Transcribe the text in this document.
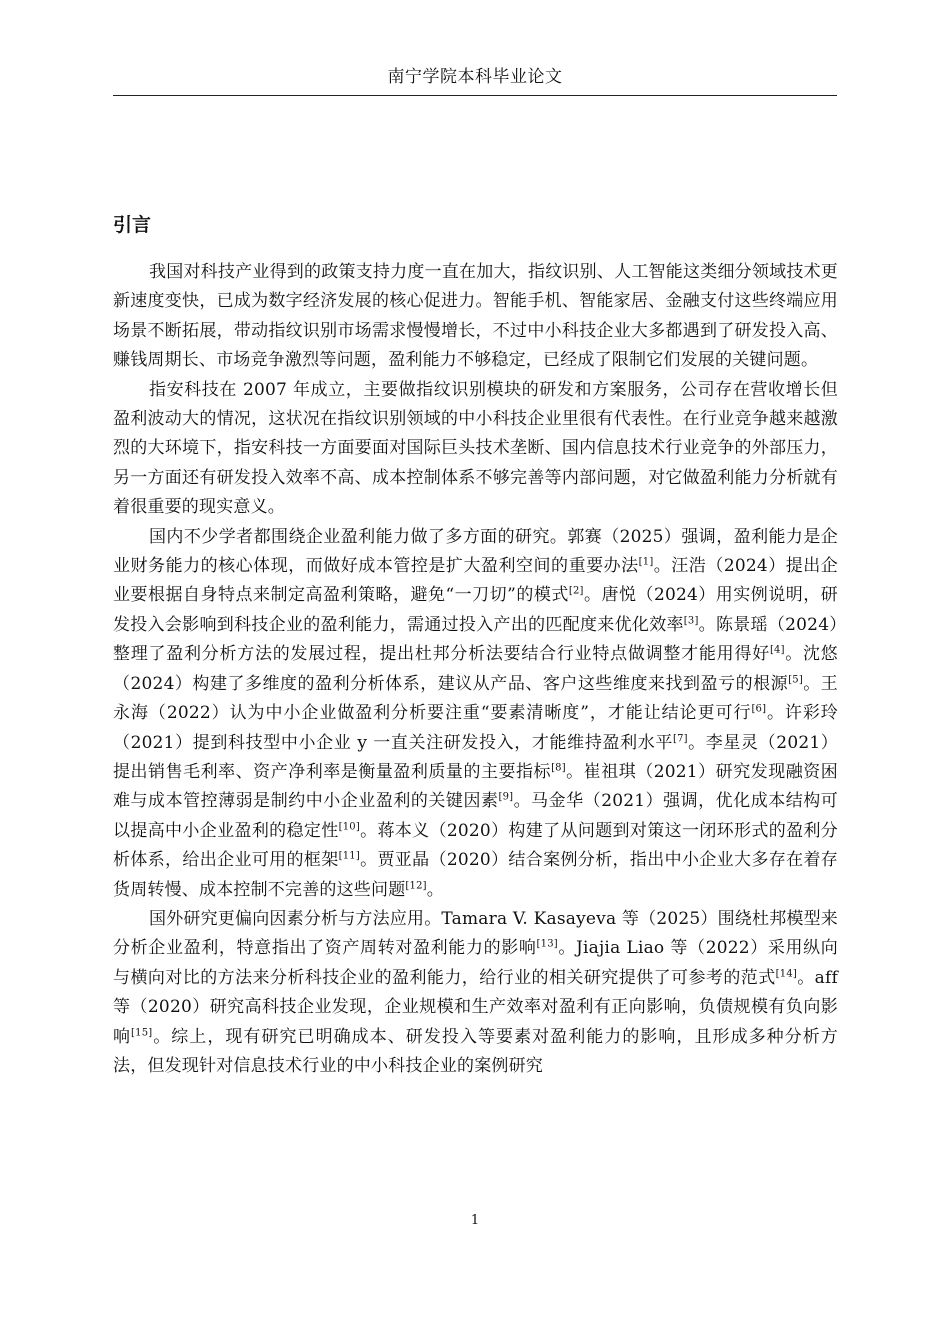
南宁学院本科毕业论文
引言

我国对科技产业得到的政策支持力度一直在加大，指纹识别、人工智能这类细分领域技术更新速度变快，已成为数字经济发展的核心促进力。智能手机、智能家居、金融支付这些终端应用场景不断拓展，带动指纹识别市场需求慢慢增长，不过中小科技企业大多都遇到了研发投入高、赚钱周期长、市场竞争激烈等问题，盈利能力不够稳定，已经成了限制它们发展的关键问题。

指安科技在 2007 年成立，主要做指纹识别模块的研发和方案服务，公司存在营收增长但盈利波动大的情况，这状况在指纹识别领域的中小科技企业里很有代表性。在行业竞争越来越激烈的大环境下，指安科技一方面要面对国际巨头技术垄断、国内信息技术行业竞争的外部压力，另一方面还有研发投入效率不高、成本控制体系不够完善等内部问题，对它做盈利能力分析就有着很重要的现实意义。

国内不少学者都围绕企业盈利能力做了多方面的研究。郭赛（2025）强调，盈利能力是企业财务能力的核心体现，而做好成本管控是扩大盈利空间的重要办法[1]。汪浩（2024）提出企业要根据自身特点来制定高盈利策略，避免“一刀切”的模式[2]。唐悦（2024）用实例说明，研发投入会影响到科技企业的盈利能力，需通过投入产出的匹配度来优化效率[3]。陈景瑶（2024）整理了盈利分析方法的发展过程，提出杜邦分析法要结合行业特点做调整才能用得好[4]。沈悠（2024）构建了多维度的盈利分析体系，建议从产品、客户这些维度来找到盈亏的根源[5]。王永海（2022）认为中小企业做盈利分析要注重“要素清晰度”，才能让结论更可行[6]。许彩玲（2021）提到科技型中小企业 y 一直关注研发投入，才能维持盈利水平[7]。李星灵（2021）提出销售毛利率、资产净利率是衡量盈利质量的主要指标[8]。崔祖琪（2021）研究发现融资困难与成本管控薄弱是制约中小企业盈利的关键因素[9]。马金华（2021）强调，优化成本结构可以提高中小企业盈利的稳定性[10]。蒋本义（2020）构建了从问题到对策这一闭环形式的盈利分析体系，给出企业可用的框架[11]。贾亚晶（2020）结合案例分析，指出中小企业大多存在着存货周转慢、成本控制不完善的这些问题[12]。

国外研究更偏向因素分析与方法应用。Tamara V. Kasayeva 等（2025）围绕杜邦模型来分析企业盈利，特意指出了资产周转对盈利能力的影响[13]。Jiajia Liao 等（2022）采用纵向与横向对比的方法来分析科技企业的盈利能力，给行业的相关研究提供了可参考的范式[14]。aff 等（2020）研究高科技企业发现，企业规模和生产效率对盈利有正向影响，负债规模有负向影响[15]。综上，现有研究已明确成本、研发投入等要素对盈利能力的影响，且形成多种分析方法，但发现针对信息技术行业的中小科技企业的案例研究

1
